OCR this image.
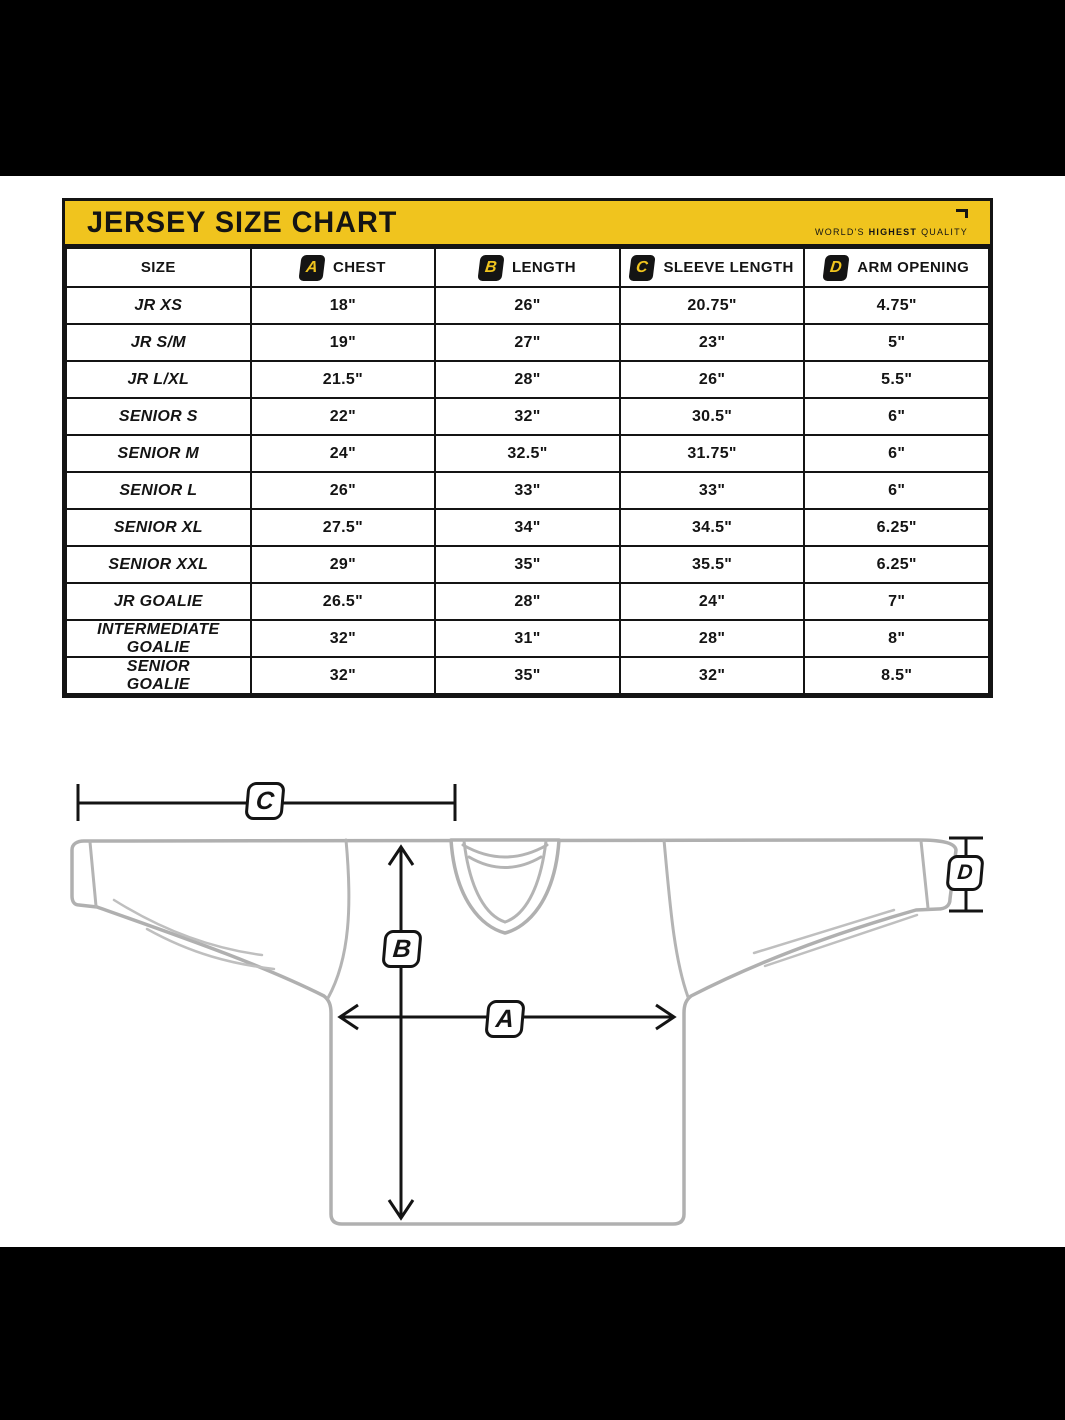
JERSEY SIZE CHART	WORLD'S HIGHEST QUALITY
SIZE	A CHEST	B LENGTH	C SLEEVE LENGTH	D ARM OPENING

JR XS	18"	26"	20.75"	4.75"
JR S/M	19"	27"	23"	5"
JR L/XL	21.5"	28"	26"	5.5"
SENIOR S	22"	32"	30.5"	6"
SENIOR M	24"	32.5"	31.75"	6"
SENIOR L	26"	33"	33"	6"
SENIOR XL	27.5"	34"	34.5"	6.25"
SENIOR XXL	29"	35"	35.5"	6.25"
JR GOALIE	26.5"	28"	24"	7"
INTERMEDIATE GOALIE	32"	31"	28"	8"
SENIOR GOALIE	32"	35"	32"	8.5"
C
B
A
D
